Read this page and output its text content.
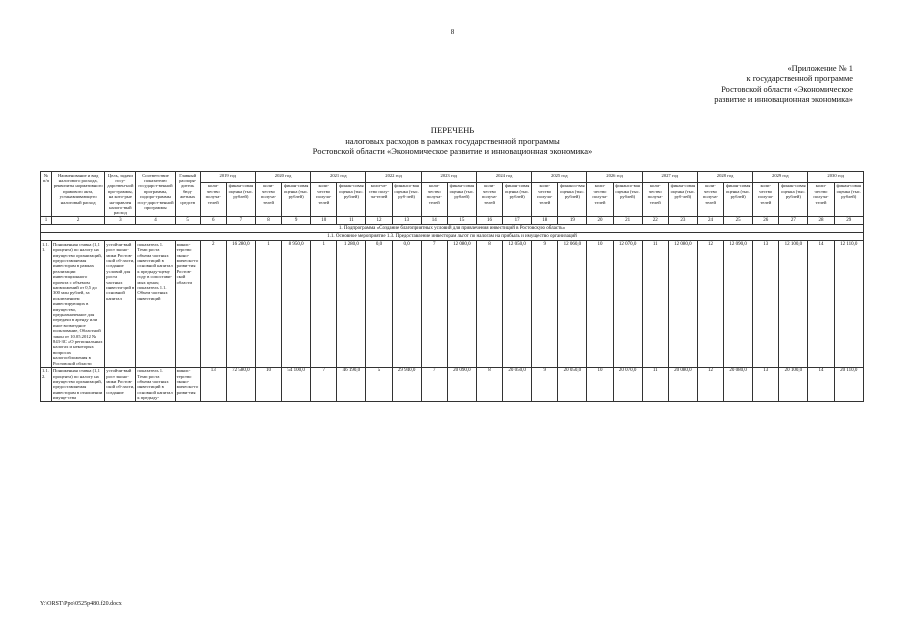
8
«Приложение № 1
к государственной программе
Ростовской области «Экономическое
развитие и инновационная экономика»
ПЕРЕЧЕНЬ
налоговых расходов в рамках государственной программы
Ростовской области «Экономическое развитие и инновационная экономика»
№ п/п	Наименование и вид налогового расхода, реквизиты нормативного правового акта, устанавливающего налоговый расход	Цель, задачи госу-дарствен-ной про-граммы, на кото-рые на-правлен налого-вый расход	Соответствие показателю государст-венной программы, подпро-граммы госу-дарст-венной программы	Главный распоря-дитель бюд-жетных средств	2019 год		2020 год		2021 год		2022 год		2023 год		2024 год		2025 год		2026 год		2027 год		2028 год		2029 год		2030 год	
					коли-чество получа-телей	финан-совая оценка (тыс. рублей)	коли-чество получа-телей	финан-совая оценка (тыс. рублей)	коли-чество получа-телей	финан-совая оценка (тыс. рублей)	коли-че-ство полу-ча-телей	финансо-вая оценка (тыс. руб-лей)	коли-чество получа-телей	финан-совая оценка (тыс. рублей)	коли-чество получа-телей	финан-совая оценка (тыс. рублей)	коли-чество получа-телей	финансо-вая оценка (тыс. рублей)	коли-чество получа-телей	финансо-вая оценка (тыс. рублей)	коли-чество получа-телей	финан-совая оценка (тыс. руб-лей)	коли-чество получа-телей	финан-совая оценка (тыс. рублей)	коли-чество получа-телей	финан-совая оценка (тыс. рублей)	коли-чество получа-телей	финан-совая оценка (тыс. рублей)
1	2	3	4	5	6	7	8	9	10	11	12	13	14	15	16	17	18	19	20	21	22	23	24	25	26	27	28	29
1. Подпрограмма «Создание благоприятных условий для привлечения инвестиций в Ростовскую область»																												
1.1. Основное мероприятие 1.3. Предоставление инвесторам льгот по налогам на прибыль и имущество организаций																												
1.1.1.	Пониженная ставка (1,1 процента) по налогу на имущество организаций, предоставляемая инвесторам в рамках реализации инвестиционного проекта с объемом капвложений от 0,5 до 300 млн рублей, за исключением инвестирующих в имущество, предназначенное для передачи в аренду или иное возмездное пользование, Областной закон от 10.05.2012 № 843-ЗС «О региональных налогах и некоторых вопросах налогообложения в Ростовской области	устойчи-вый рост эконо-мики Ростов-ской об-ласти, создание условий для роста частных инвести-ций в основной капитал	показатель 1. Темп роста объема частных инвестиций в основной капитал к предыду-щему году в сопостави-мых ценах; показатель 1.1. Объем частных инвестиций	минис-терство эконо-мическо-го разви-тия Ростов-ской области	2	16 280,0	1	8 950,0	1	1 280,0	0,0	0,0	7	12 080,0	8	12 050,0	9	12 060,0	10	12 070,0	11	12 080,0	12	12 090,0	13	12 100,0	14	12 110,0
1.1.2.	Пониженная ставка (1,1 процента) по налогу на имущество организаций, предоставляемая инвесторам в отношении имуще-ства	устойчи-вый рост эконо-мики Ростов-ской об-ласти, создание	показатель 1. Темп роста объема частных инвестиций в основной капитал к предыду-	минис-терство эконо-мическо-го разви-тия	13	72 580,0	10	54 100,0	7	46 190,0	5	29 940,0	7	20 090,0	8	20 050,0	9	20 050,0	10	20 070,0	11	20 080,0	12	20 080,0	13	20 100,0	14	20 110,0
Y:\ORST\Ppo\0525p480.f20.docx
